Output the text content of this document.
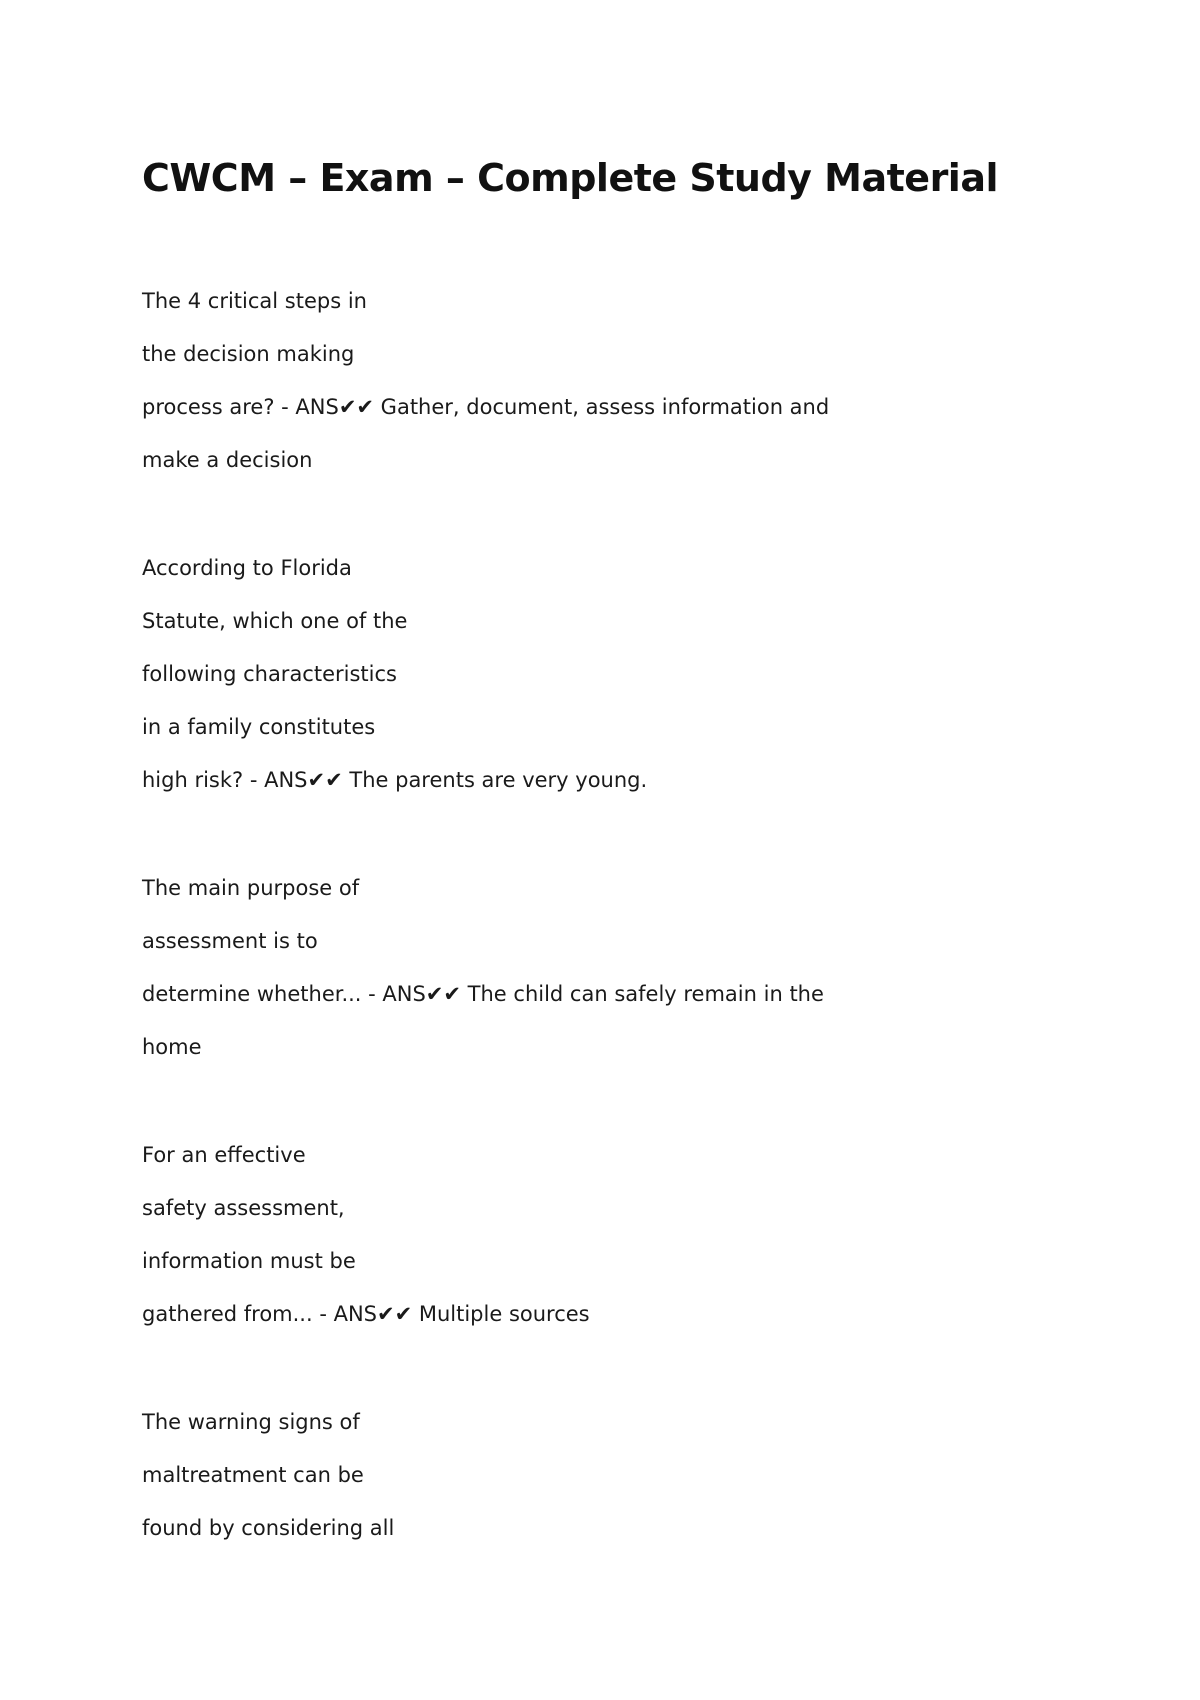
CWCM – Exam – Complete Study Material
The 4 critical steps in
the decision making
process are? - ANS✔✔ Gather, document, assess information and
make a decision
According to Florida
Statute, which one of the
following characteristics
in a family constitutes
high risk? - ANS✔✔ The parents are very young.
The main purpose of
assessment is to
determine whether... - ANS✔✔ The child can safely remain in the
home
For an effective
safety assessment,
information must be
gathered from... - ANS✔✔ Multiple sources
The warning signs of
maltreatment can be
found by considering all
